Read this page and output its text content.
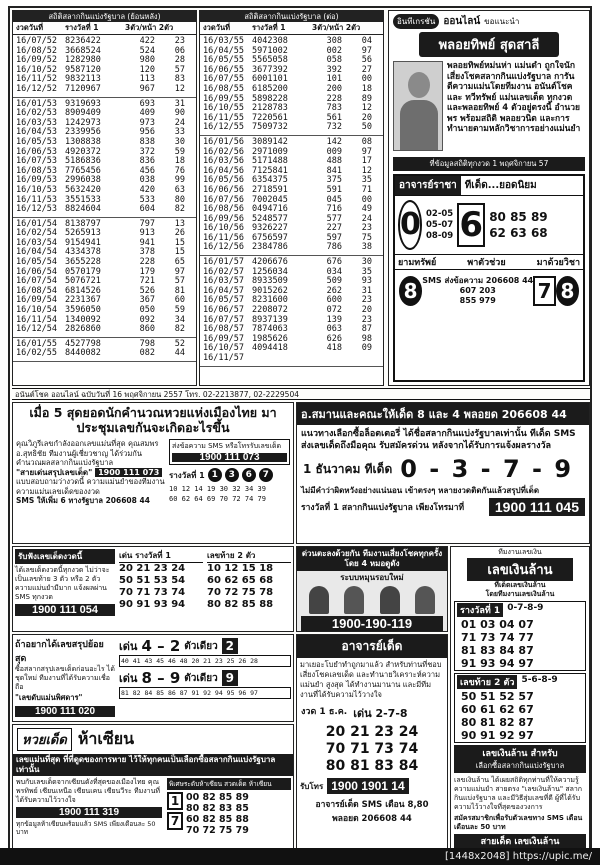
สถิติสลากกินแบ่งรัฐบาล (ย้อนหลัง)
งวดวันที่	รางวัลที่ 1	3ตัว/หน้า 2ตัว
16/07/52 8236422	422	23
16/08/52 3668524	524	06
16/09/52 1282980	980	28
16/10/52 9587120	120	57
16/11/52 9832113	113	83
16/12/52 7120967	967	12
16/01/53 9319693	693	31
16/02/53 8909409	409	90
16/03/53 1242973	973	24
16/04/53 2339956	956	33
16/05/53 1308838	838	30
16/06/53 4920372	372	59
16/07/53 5186836	836	18
16/08/53 7765456	456	76
16/09/53 2996038	038	99
16/10/53 5632420	420	63
16/11/53 3551533	533	80
16/12/53 8824604	604	82
16/01/54 8138797	797	13
16/02/54 5265913	913	26
16/03/54 9154941	941	15
16/04/54 4334378	378	15
16/05/54 3655228	228	65
16/06/54 0570179	179	97
16/07/54 5076721	721	57
16/08/54 6814526	526	81
16/09/54 2231367	367	60
16/10/54 3596050	050	59
16/11/54 1340092	092	34
16/12/54 2826860	860	82
16/01/55 4527798	798	52
16/02/55 8440082	082	44
สถิติสลากกินแบ่งรัฐบาล (ต่อ)
งวดวันที่	รางวัลที่ 1	3ตัว/หน้า 2ตัว
16/03/55 4042308	308	04
16/04/55 5971002	002	97
16/05/55 5565058	058	56
16/06/55 3677392	392	27
16/07/55 6001101	101	00
16/08/55 6185200	200	18
16/09/55 5898228	228	89
16/10/55 2128783	783	12
16/11/55 7220561	561	20
16/12/55 7509732	732	50
16/01/56 3089142	142	08
16/02/56 2971009	009	97
16/03/56 5171488	488	17
16/04/56 7125841	841	12
16/05/56 6354375	375	35
16/06/56 2718591	591	71
16/07/56 7002045	045	00
16/08/56 0494716	716	49
16/09/56 5248577	577	24
16/10/56 9326227	227	23
16/11/56 6756597	597	75
16/12/56 2384786	786	38
16/01/57 4206676	676	30
16/02/57 1256034	034	35
16/03/57 8933509	509	93
16/04/57 9015262	262	31
16/05/57 8231600	600	23
16/06/57 2208072	072	20
16/07/57 8937139	139	23
16/08/57 7874063	063	87
16/09/57 1985626	626	98
16/10/57 4094418	418	09
16/11/57
อินทีเกรชัน ออนไลน์ ขอแนะนำ
พลอยทิพย์ สุดสาลี
พลอยทิพย์หม่นห่า แม่นดำ ถูกใจนัก เสี่ยงโชคสลากกินแบ่งรัฐบาล การันตีความแม่นโดยทีมงาน อนันต์โชค และ ทวีทรัพย์ แม่นเลขเด็ด ทุกงวด และพลอยทิพย์ 4 ตัวอยู่ตรงนี้ อำนวยพร พร้อมสถิติ พลอยวนิต และการทำนายตามหลักวิชาการอย่างแม่นยำ
ที่ข้อมูลสถิติทุกงวด 1 พฤศจิกายน 57
อาจารย์ราชา ทีเด็ด...ยอดนิยม
0 02-05
05-07
08-09 6 80 85 89
62 63 68
ยามทรัพย์	พาตัวช่วย	มาด้วยวิชา
8 SMS ส่งข้อความ 206608 44
607 203
855 979	7 8
อนันต์โชค ออนไลน์ ฉบับวันที่ 16 พฤศจิกายน 2557 โทร. 02-2213877, 02-2229504
เมื่อ 5 สุดยอดนักคำนวณหวยแห่งเมืองไทย มาประชุมเลขกันจะเกิดอะไรขึ้น
คุณวิภูรีเลขกำลังออกเลขแม่นที่สุด คุณสมพร อ.สุทธิชัย ทีมงานผู้เชี่ยวชาญ ได้ร่วมกันคำนวณผลสลากกินแบ่งรัฐบาล
"สายเด่นสรุปเลขเด็ด" 1900 111 073
แบบสอบถามว่างวดนี้ ความแม่นยำของทีมงาน ความแม่นเลขเด็ดของงวด
SMS ให้เพิ่ม 6 ทางรัฐบาล 206608 44
ส่งข้อความ SMS หรือโทรรับเลขเด็ด
1900 111 073
รางวัลที่ 1 1	3	6	7
10 12 14 19 30 32 34 39
60 62 64 69 70 72 74 79
อ.สมานและคณะให้เด็ด 8 และ 4 พลอยด 206608 44
แนวทางเลือกซื้อล็อตเตอรี่ ได้ชื่อสลากกินแบ่งรัฐบาลเท่านั้น ทีเด็ด SMS ส่งเลขเด็ดถึงมือคุณ รับสมัครด่วน หลังจากได้รับการแจ้งผลรางวัล
1 ธันวาคม ทีเด็ด 0 - 3 - 7 - 9
ไม่มีคำว่าผิดหวังอย่างแน่นอน เข้าตรงๆ หลายงวดติดกันแล้วสรุปที่เด็ด
รางวัลที่ 1 สลากกินแบ่งรัฐบาล เพียงโทรมาที่	1900 111 045
รับฟังเลขเด็ดงวดนี้
ได้เลขเด็ดงวดนี้ทุกงวด ไม่ว่าจะเป็นเลขท้าย 3 ตัว หรือ 2 ตัว ความแม่นยำมีมาก แจ้งผลผ่าน SMS ทุกงวด
1900 111 054
เด่น รางวัลที่ 1
20 21 23 24
50 51 53 54
70 71 73 74
90 91 93 94
เลขท้าย 2 ตัว
10 12 15 18
60 62 65 68
70 72 75 78
80 82 85 88
ด่วนตะลงด้วยกัน ทีมงานเสี่ยงโชคทุกครั้งโดย 4 หมอดูดัง
ระบบหมุนรอบใหม่
1900-190-119
ทีมงานเลขเงิน
เลขเงินล้าน
ที่เด็ดเลขเงินล้าน
โดยทีมงานเลขเงินล้าน
รางวัลที่ 1 0-7-8-9
01 03 04 07
71 73 74 77
81 83 84 87
91 93 94 97
เลขท้าย 2 ตัว 5-6-8-9
50 51 52 57
60 61 62 67
80 81 82 87
90 91 92 97
เลขเงินล้าน สำหรับ
เลือกซื้อสลากกินแบ่งรัฐบาล
เลขเงินล้าน ได้เผยสถิติทุกท่านที่ให้ความรู้ ความแม่นยำ สายตรง "เลขเงินล้าน" สลากกินแบ่งรัฐบาล และมีวิธีสุ่มเลขที่ดี ผู้ที่ได้รับความไว้วางใจที่สุดของวงการ
สมัครสมาชิกเพื่อรับตัวเลขทาง SMS เดือน เดือนละ 50 บาท
สายเด็ด เลขเงินล้าน
ถ้าอยากได้เลขสรุปย้อยสุด
ซื้อสลากสรุปเลขเด็ดก่อนอะไร ได้ชุดใหม่ ทีมงานที่ได้รับความเชื่อถือ
"เลขดับแม่นพิศดาร"
1900 111 020
เด่น 4 – 2 ตัวเดียว 2
40 41 43 45 46 48 20 21 23 25 26 28
เด่น 8 – 9 ตัวเดียว 9
81 82 84 85 86 87 91 92 94 95 96 97
อาจารย์เด็ด
มาเยอะโบยำทำถูกมาแล้ว สำหรับท่านที่ชอบเสี่ยงโชคเลขเด็ด และทำนายวิเคราะห์ความแม่นยำ สูงสุด ได้ทำงานมานาน และมีทีมงานที่ได้รับความไว้วางใจ
งวด 1 ธ.ค. เด่น 2-7-8
20 21 23 24
70 71 73 74
80 81 83 84
รับโทร 1900 1901 14
อาจารย์เด็ด SMS เดือน 8,80
พลอยด 206608 44
หวยเด็ด ห้าเซียน
เลขแม่นที่สุด ที่ที่ดูดของการหาย ไว้ให้ทุกคนเป็นเลือกซื้อสลากกินแบ่งรัฐบาลเท่านั้น
พบกับเลขเด็ดจากเซียนดังที่สุดของเมืองไทย คุณพรทิพย์ เซียนเหนือ เซียนเคน เซียนวีระ ทีมงานที่ได้รับความไว้วางใจ
1900 111 319
ทุกข้อมูลห้าเซียนพร้อมแล้ว SMS เพียงเดือนละ 50 บาท
พิเศษระดับห้าเซียน สวดเด็ด ห้าเซียน
1
7
00 82 85 89
80 82 83 85
60 82 85 88
70 72 75 79
[1448x2048] https://upic.me/
